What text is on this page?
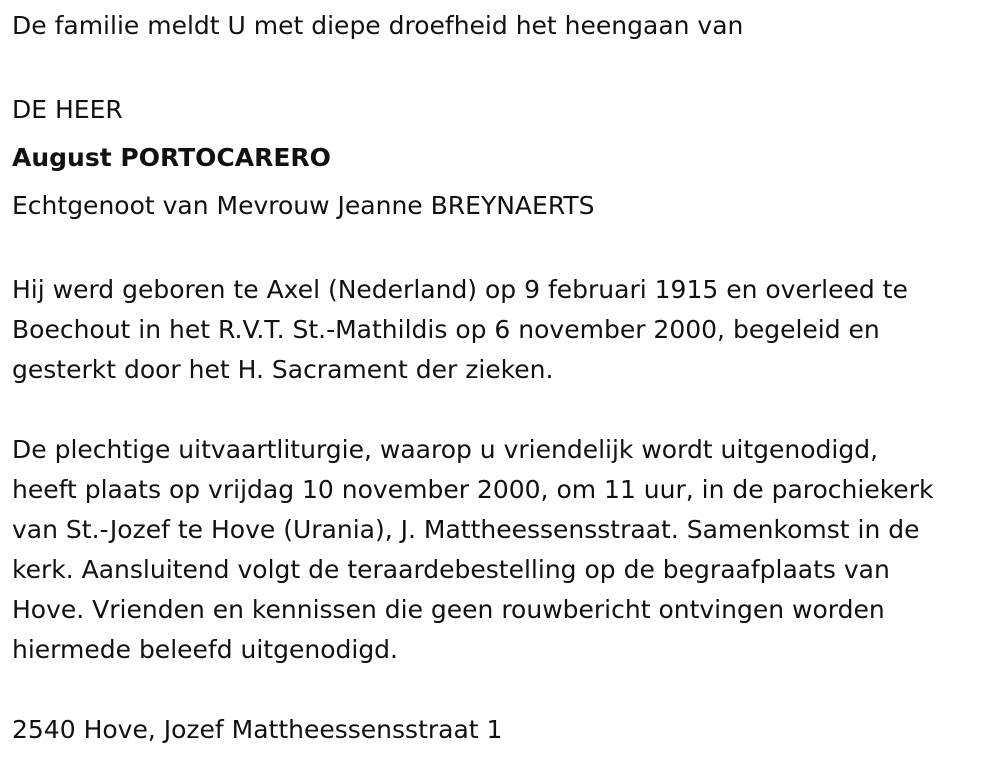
De familie meldt U met diepe droefheid het heengaan van

DE HEER

August PORTOCARERO

Echtgenoot van Mevrouw Jeanne BREYNAERTS

Hij werd geboren te Axel (Nederland) op 9 februari 1915 en overleed te

Boechout in het R.V.T. St.-Mathildis op 6 november 2000, begeleid en

gesterkt door het H. Sacrament der zieken.

De plechtige uitvaartliturgie, waarop u vriendelijk wordt uitgenodigd,

heeft plaats op vrijdag 10 november 2000, om 11 uur, in de parochiekerk

van St.-Jozef te Hove (Urania), J. Mattheessensstraat. Samenkomst in de

kerk. Aansluitend volgt de teraardebestelling op de begraafplaats van

Hove. Vrienden en kennissen die geen rouwbericht ontvingen worden

hiermede beleefd uitgenodigd.

2540 Hove, Jozef Mattheessensstraat 1
